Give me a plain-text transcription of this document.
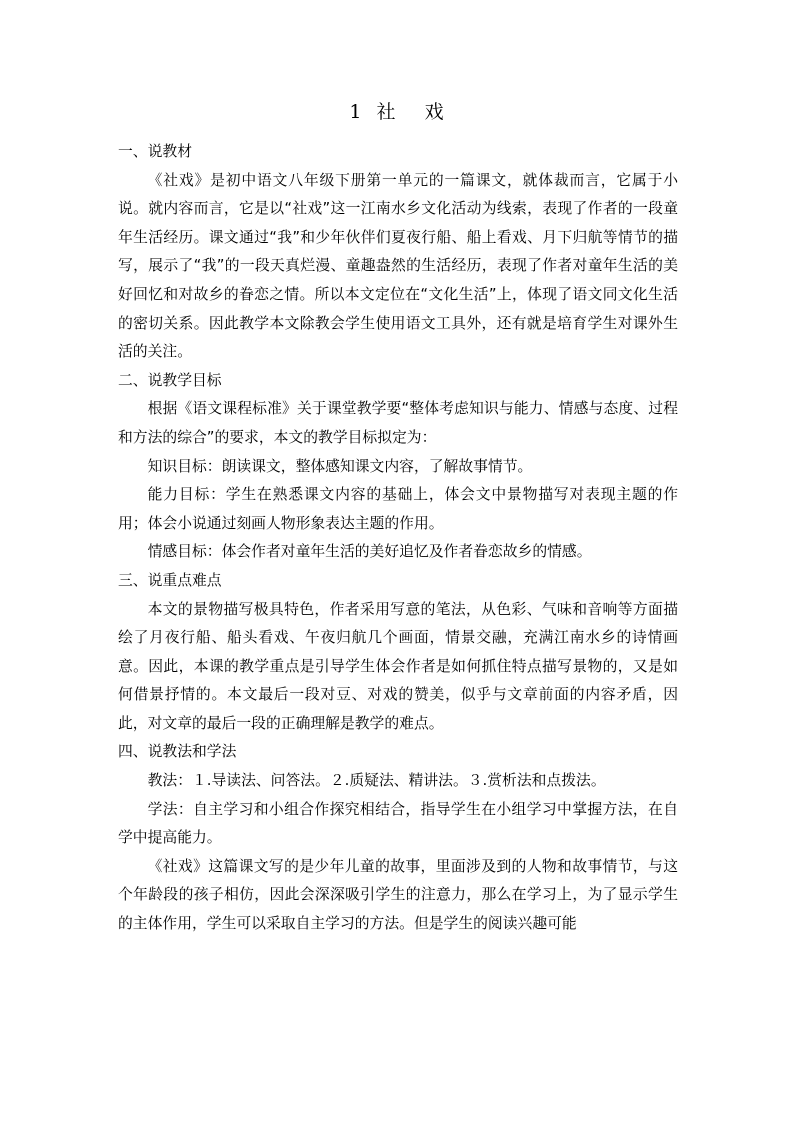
1  社    戏
一、说教材

《社戏》是初中语文八年级下册第一单元的一篇课文，就体裁而言，它属于小说。就内容而言，它是以“社戏”这一江南水乡文化活动为线索，表现了作者的一段童年生活经历。课文通过“我”和少年伙伴们夏夜行船、船上看戏、月下归航等情节的描写，展示了“我”的一段天真烂漫、童趣盎然的生活经历，表现了作者对童年生活的美好回忆和对故乡的眷恋之情。所以本文定位在“文化生活”上，体现了语文同文化生活的密切关系。因此教学本文除教会学生使用语文工具外，还有就是培育学生对课外生活的关注。

二、说教学目标

根据《语文课程标准》关于课堂教学要“整体考虑知识与能力、情感与态度、过程和方法的综合”的要求，本文的教学目标拟定为：

知识目标：朗读课文，整体感知课文内容，了解故事情节。

能力目标：学生在熟悉课文内容的基础上，体会文中景物描写对表现主题的作用；体会小说通过刻画人物形象表达主题的作用。

情感目标：体会作者对童年生活的美好追忆及作者眷恋故乡的情感。

三、说重点难点

本文的景物描写极具特色，作者采用写意的笔法，从色彩、气味和音响等方面描绘了月夜行船、船头看戏、午夜归航几个画面，情景交融，充满江南水乡的诗情画意。因此，本课的教学重点是引导学生体会作者是如何抓住特点描写景物的，又是如何借景抒情的。本文最后一段对豆、对戏的赞美，似乎与文章前面的内容矛盾，因此，对文章的最后一段的正确理解是教学的难点。

四、说教法和学法

教法：１.导读法、问答法。２.质疑法、精讲法。３.赏析法和点拨法。

学法：自主学习和小组合作探究相结合，指导学生在小组学习中掌握方法，在自学中提高能力。

《社戏》这篇课文写的是少年儿童的故事，里面涉及到的人物和故事情节，与这个年龄段的孩子相仿，因此会深深吸引学生的注意力，那么在学习上，为了显示学生的主体作用，学生可以采取自主学习的方法。但是学生的阅读兴趣可能
